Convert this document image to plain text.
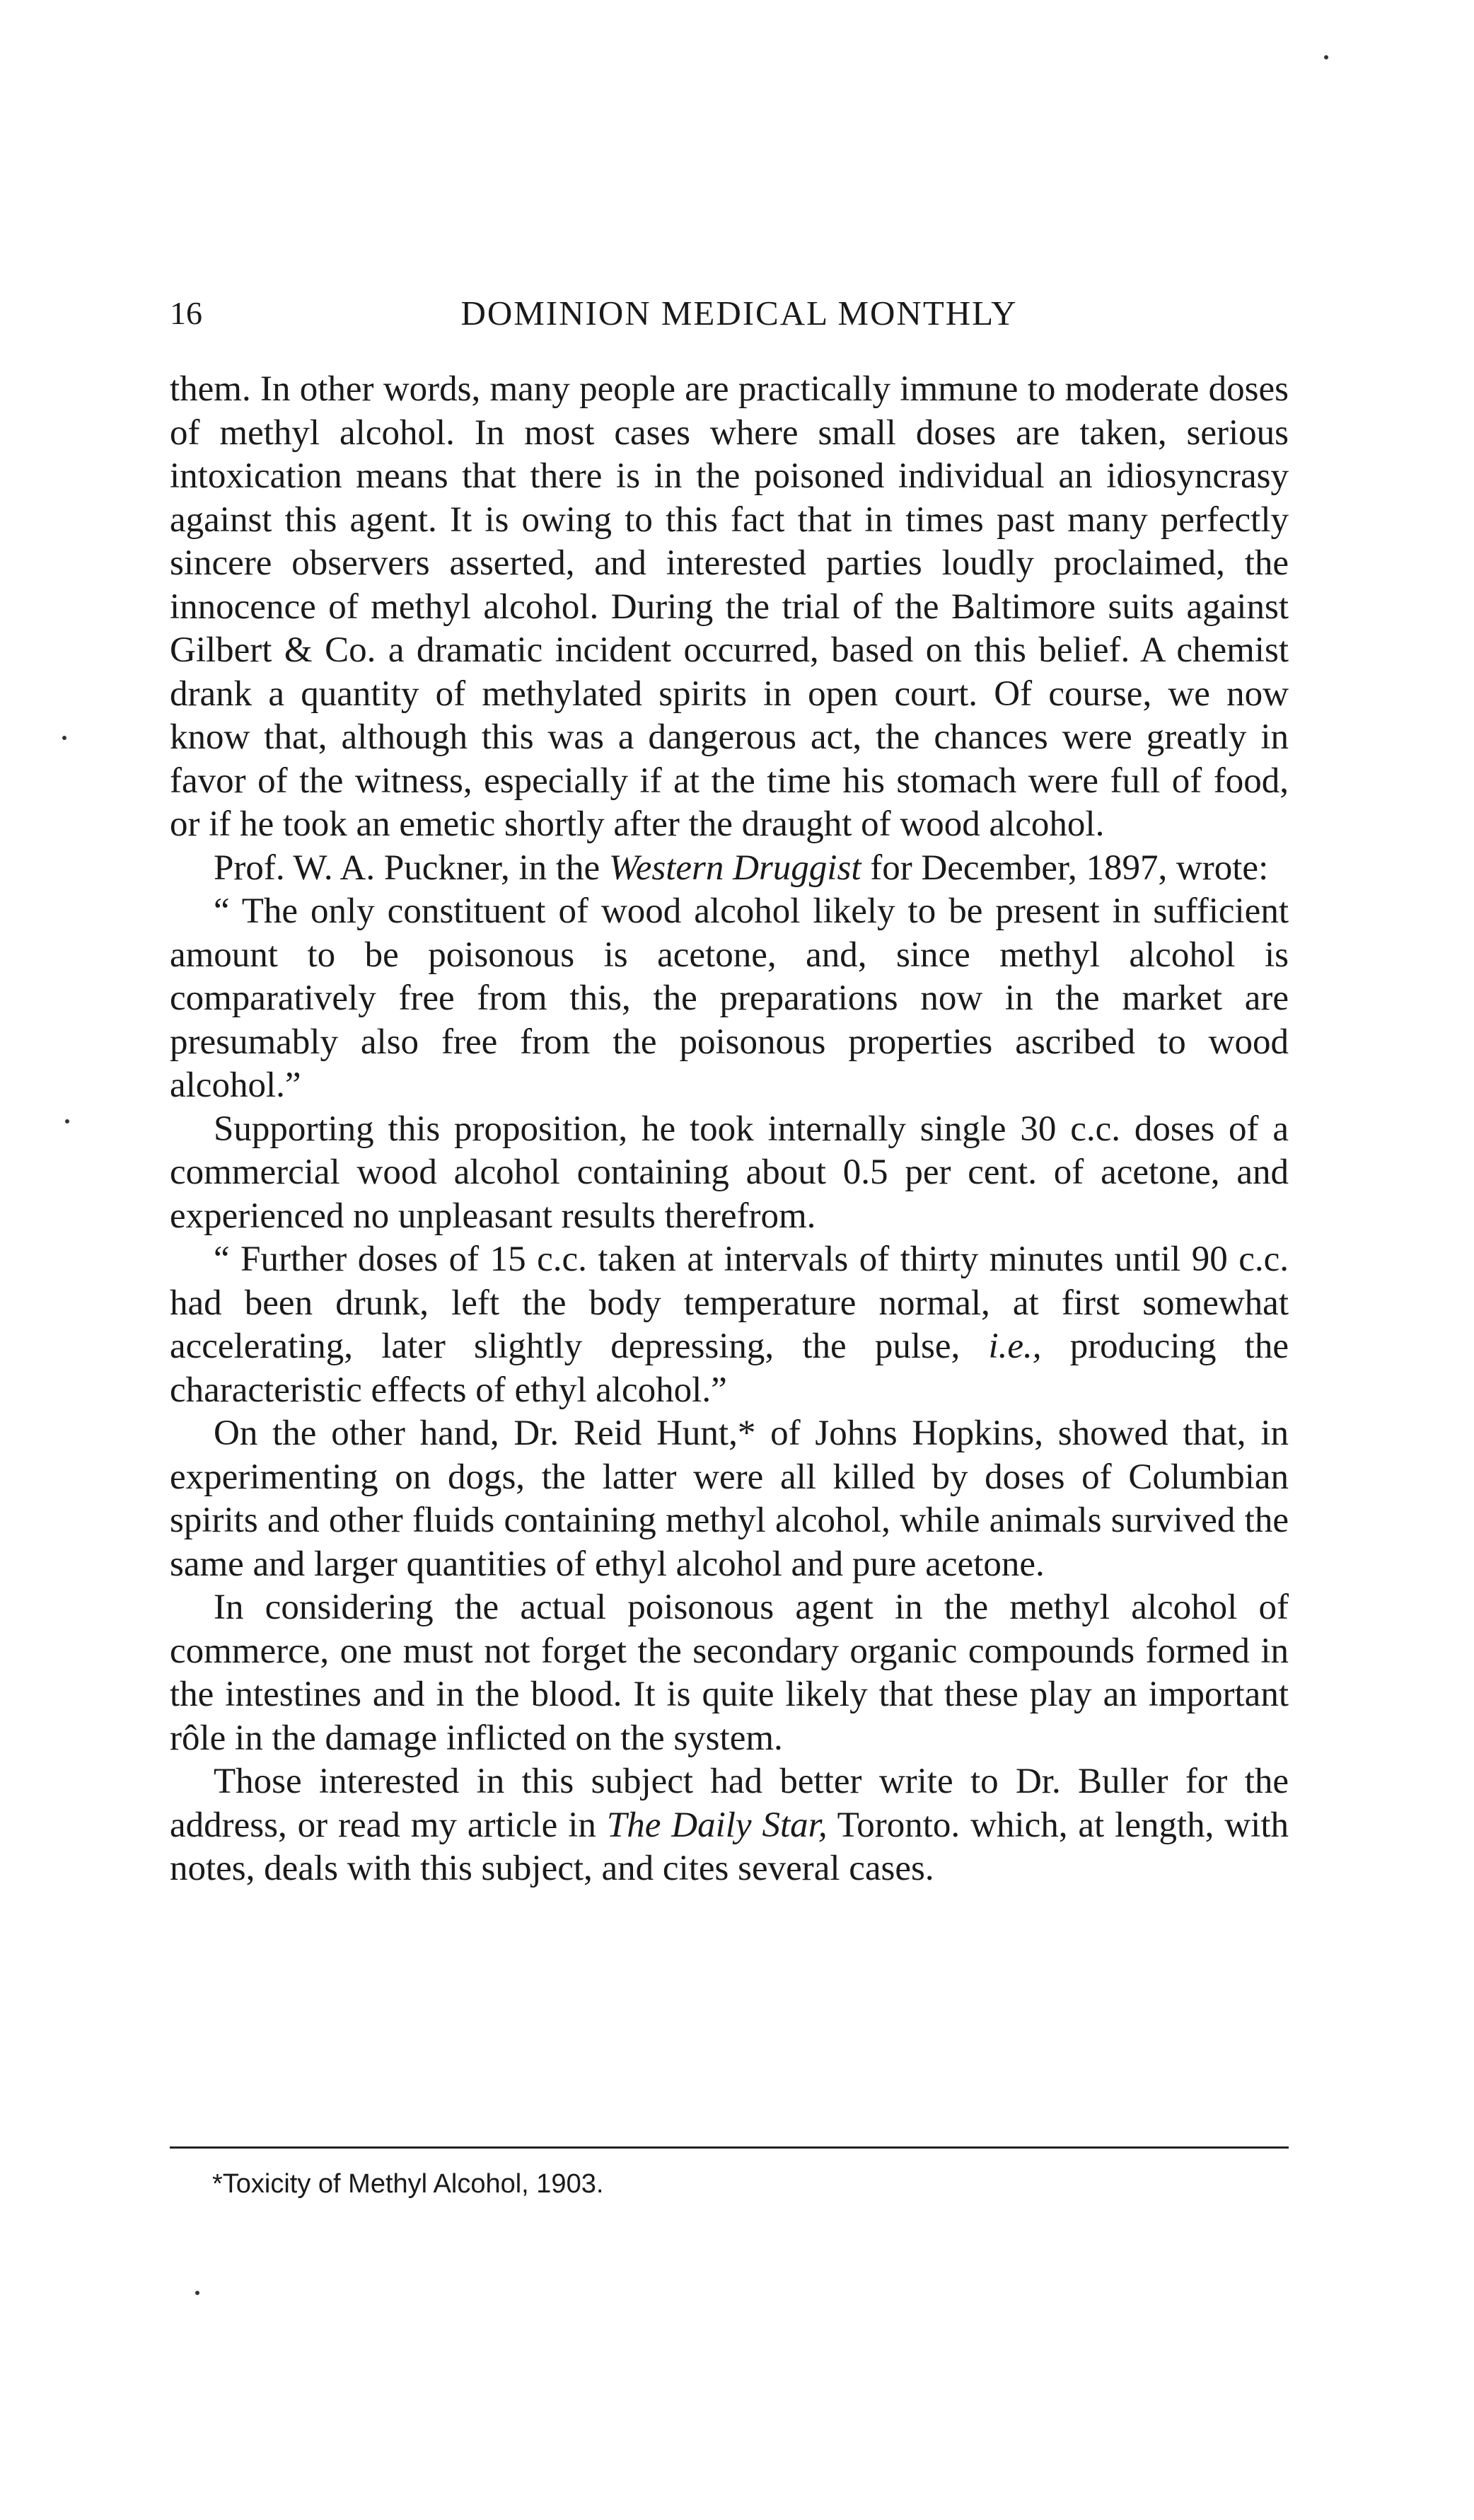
16	DOMINION MEDICAL MONTHLY

them. In other words, many people are practically immune to moderate doses of methyl alcohol. In most cases where small doses are taken, serious intoxication means that there is in the poisoned individual an idiosyncrasy against this agent. It is owing to this fact that in times past many perfectly sincere observers asserted, and interested parties loudly proclaimed, the innocence of methyl alcohol. During the trial of the Baltimore suits against Gilbert & Co. a dramatic incident occurred, based on this belief. A chemist drank a quantity of methylated spirits in open court. Of course, we now know that, although this was a dangerous act, the chances were greatly in favor of the witness, especially if at the time his stomach were full of food, or if he took an emetic shortly after the draught of wood alcohol.

Prof. W. A. Puckner, in the Western Druggist for December, 1897, wrote:

“ The only constituent of wood alcohol likely to be present in sufficient amount to be poisonous is acetone, and, since methyl alcohol is comparatively free from this, the preparations now in the market are presumably also free from the poisonous properties ascribed to wood alcohol.”

Supporting this proposition, he took internally single 30 c.c. doses of a commercial wood alcohol containing about 0.5 per cent. of acetone, and experienced no unpleasant results therefrom.

“ Further doses of 15 c.c. taken at intervals of thirty minutes until 90 c.c. had been drunk, left the body temperature normal, at first somewhat accelerating, later slightly depressing, the pulse, i.e., producing the characteristic effects of ethyl alcohol.”

On the other hand, Dr. Reid Hunt,* of Johns Hopkins, showed that, in experimenting on dogs, the latter were all killed by doses of Columbian spirits and other fluids containing methyl alcohol, while animals survived the same and larger quantities of ethyl alcohol and pure acetone.

In considering the actual poisonous agent in the methyl alcohol of commerce, one must not forget the secondary organic compounds formed in the intestines and in the blood. It is quite likely that these play an important rôle in the damage inflicted on the system.

Those interested in this subject had better write to Dr. Buller for the address, or read my article in The Daily Star, Toronto. which, at length, with notes, deals with this subject, and cites several cases.

*Toxicity of Methyl Alcohol, 1903.
